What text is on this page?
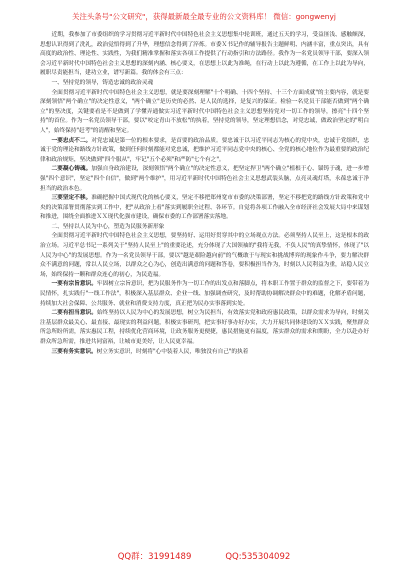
关注头条号"公文研究"，获得最新最全最专业的公文资料库！ 微信：gongwenyj

近期，我参加了市委组织的学习贯彻习近平新时代中国特色社会主义思想集中轮训班，通过五天的学习，受益匪浅、感触颇深，思想认识得到了洗礼，政治觉悟得到了升华，理想信念得到了淬炼。市委Ｘ书记作的辅导报告主题鲜明、内涵丰富，重点突出，具有高度的政治性、理论性、实践性，为我们精准掌握和落实各项工作提供了行动指引和方法路径。我作为一名党员领导干部，要深入领会习近平新时代中国特色社会主义思想的深刻内涵、核心要义，在思想上以此为准绳，在行动上以此为遵循，在工作上以此为导向，履职尽责能担当，建功立业，谱写新篇。我的体会有三点：

一、坚持党的领导，铸造忠诚的政治灵魂

全面贯彻习近平新时代中国特色社会主义思想，就是要深刻理解"十个明确、十四个坚持、十三个方面成就"的主要内容，就是要深刻领悟"两个确立"的决定性意义，"两个确立"是历史的必然、是人民的选择，是复兴的保证。检验一名党员干部能否做到"两个确立"的坚决度，关键要看是不是做到了学懂弄通做实习近平新时代中国特色社会主义思想坚持党对一切工作的领导，擦亮"十四个坚持"的首位。作为一名党员领导干部，要以"咬定青山不放松"的执着，坚持党的领导，坚定理想信念，对党忠诚，做政治坚定的"明白人"，始终保持"赶考"的清醒和坚定。

一要忠贞不二。对党忠诚是第一位的根本要求，是首要的政治品质。要忠诚于以习近平同志为核心的党中央，忠诚于党组织，忠诚于党的理论和路线方针政策，做到任何时刻都能对党忠诚，把维护习近平同志党中央的核心、全党的核心地位作为最重要的政治纪律和政治规矩，坚决做到"四个服从"，牢记"五个必须"和严防"七个有之"。

二要凝心铸魂。加强自身政治建设，深刻领悟"两个确立"的决定性意义，把坚定捍卫"两个确立"植根于心、锚铸于魂，进一步增强"四个意识"，坚定"四个自信"，做到"两个维护"，用习近平新时代中国特色社会主义思想武装头脑，点亮灵魂灯塔，永葆忠诚于净担当的政治本色。

三要坚定不移。准确把握中国式现代化的核心要义，坚定不移把郑州宽市市委的决策部署，坚定不移把党的路线方针政策和党中央的决策部署贯彻落实到工作中，把"从政治上看"落实到履职全过程、各环节。自觉将各项工作融入全市经济社会发展大局中来谋划和推进，围绕全面推进ＸＸ现代化强市建设，确保市委的工作部署落实落地。

二、坚持以人民为中心，塑造为民服务新形象

全面贯彻习近平新时代中国特色社会主义思想，要坚持好、运用好贯穿其中的立场观点方法。必须坚持人民至上，这是根本的政治立场。习近平总书记一系列关于"坚持人民至上"的重要论述，充分体现了大国领袖的"我将无我，不负人民"的真挚情怀，体现了"以人民为中心"的发展思想。作为一名党员领导干部，要以"越是艰险越向前"的气概敢于与现实和挑战博弈的现象作斗争，要力解决群众不满意的问题，常以人民立场，以群众之心为心，创造出满意的问题和答卷，要积极担当作为，时刻以人民利益为重，站稳人民立场，始终保持一颗和群众连心的初心，为民造福。

一要有宗旨意识。牢固树立宗旨意识，把为民服务作为一切工作的出发点和落脚点，将本职工作置于群众的监督之下，要带着为民情怀，扎实践行"一线工作法"，积极深入基层群众、企业一线、加强调查研究，及时帮助协调解决群众中的难题，化解矛盾问题，持续加大社会保障、公共服务、就业和消费支持力度，真正把为民办实事落到实处。

二要有担当意识。始终坚持以人民为中心的发展思想，树立为民担当，有效落实党和政府惠民政策，以群众需求为导向，时刻关注基层群众最关心、最直接、最现实的利益问题，积极实事研判，把实事好事办好办实，大力开展共同体建设的ＸＸ实践，聚焦群众所急所盼所需，落实惠民工程，持续优化营商环境，让政务服务更便捷，惠民措施更有温度，落实群众的需求和期盼，全力以赴办好群众所急所需，推进共同富裕，让城市更美好，让人民更幸福。

三要有务实意识。树立务实意识，时刻将"心中装着人民，唯独没有自己"的执着

QQ群：31991489	QQ:535304092
